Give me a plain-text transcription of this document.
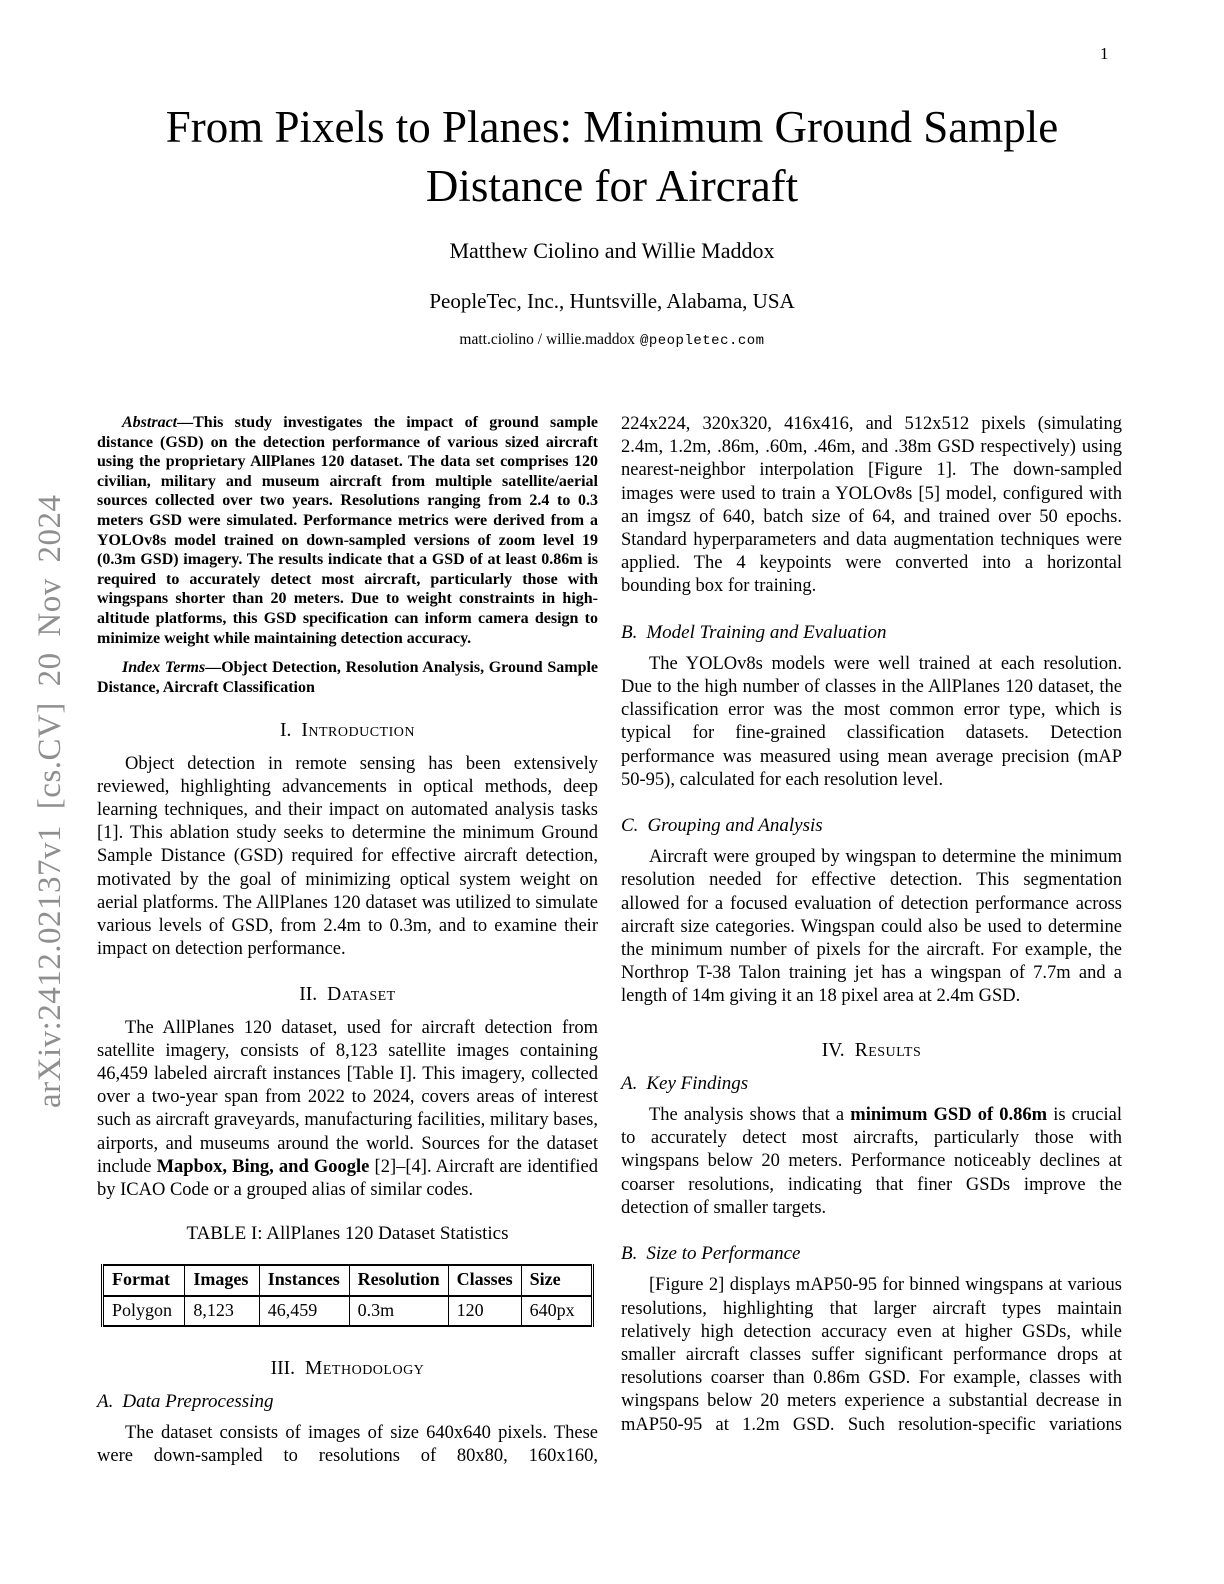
1
arXiv:2412.02137v1 [cs.CV] 20 Nov 2024
From Pixels to Planes: Minimum Ground Sample
Distance for Aircraft
Matthew Ciolino and Willie Maddox
PeopleTec, Inc., Huntsville, Alabama, USA
matt.ciolino / willie.maddox @peopletec.com

Abstract—This study investigates the impact of ground sample distance (GSD) on the detection performance of various sized aircraft using the proprietary AllPlanes 120 dataset. The data set comprises 120 civilian, military and museum aircraft from multiple satellite/aerial sources collected over two years. Resolutions ranging from 2.4 to 0.3 meters GSD were simulated. Performance metrics were derived from a YOLOv8s model trained on down-sampled versions of zoom level 19 (0.3m GSD) imagery. The results indicate that a GSD of at least 0.86m is required to accurately detect most aircraft, particularly those with wingspans shorter than 20 meters. Due to weight constraints in high-altitude platforms, this GSD specification can inform camera design to minimize weight while maintaining detection accuracy.

Index Terms—Object Detection, Resolution Analysis, Ground Sample Distance, Aircraft Classification

I. Introduction

Object detection in remote sensing has been extensively reviewed, highlighting advancements in optical methods, deep learning techniques, and their impact on automated analysis tasks [1]. This ablation study seeks to determine the minimum Ground Sample Distance (GSD) required for effective aircraft detection, motivated by the goal of minimizing optical system weight on aerial platforms. The AllPlanes 120 dataset was utilized to simulate various levels of GSD, from 2.4m to 0.3m, and to examine their impact on detection performance.

II. Dataset

The AllPlanes 120 dataset, used for aircraft detection from satellite imagery, consists of 8,123 satellite images containing 46,459 labeled aircraft instances [Table I]. This imagery, collected over a two-year span from 2022 to 2024, covers areas of interest such as aircraft graveyards, manufacturing facilities, military bases, airports, and museums around the world. Sources for the dataset include Mapbox, Bing, and Google [2]–[4]. Aircraft are identified by ICAO Code or a grouped alias of similar codes.

TABLE I: AllPlanes 120 Dataset Statistics

Format	Images	Instances	Resolution	Classes	Size
Polygon	8,123	46,459	0.3m	120	640px

III. Methodology

A. Data Preprocessing

The dataset consists of images of size 640x640 pixels. These were down-sampled to resolutions of 80x80, 160x160,

224x224, 320x320, 416x416, and 512x512 pixels (simulating 2.4m, 1.2m, .86m, .60m, .46m, and .38m GSD respectively) using nearest-neighbor interpolation [Figure 1]. The down-sampled images were used to train a YOLOv8s [5] model, configured with an imgsz of 640, batch size of 64, and trained over 50 epochs. Standard hyperparameters and data augmentation techniques were applied. The 4 keypoints were converted into a horizontal bounding box for training.

B. Model Training and Evaluation

The YOLOv8s models were well trained at each resolution. Due to the high number of classes in the AllPlanes 120 dataset, the classification error was the most common error type, which is typical for fine-grained classification datasets. Detection performance was measured using mean average precision (mAP 50-95), calculated for each resolution level.

C. Grouping and Analysis

Aircraft were grouped by wingspan to determine the minimum resolution needed for effective detection. This segmentation allowed for a focused evaluation of detection performance across aircraft size categories. Wingspan could also be used to determine the minimum number of pixels for the aircraft. For example, the Northrop T-38 Talon training jet has a wingspan of 7.7m and a length of 14m giving it an 18 pixel area at 2.4m GSD.

IV. Results

A. Key Findings

The analysis shows that a minimum GSD of 0.86m is crucial to accurately detect most aircrafts, particularly those with wingspans below 20 meters. Performance noticeably declines at coarser resolutions, indicating that finer GSDs improve the detection of smaller targets.

B. Size to Performance

[Figure 2] displays mAP50-95 for binned wingspans at various resolutions, highlighting that larger aircraft types maintain relatively high detection accuracy even at higher GSDs, while smaller aircraft classes suffer significant performance drops at resolutions coarser than 0.86m GSD. For example, classes with wingspans below 20 meters experience a substantial decrease in mAP50-95 at 1.2m GSD. Such resolution-specific variations
